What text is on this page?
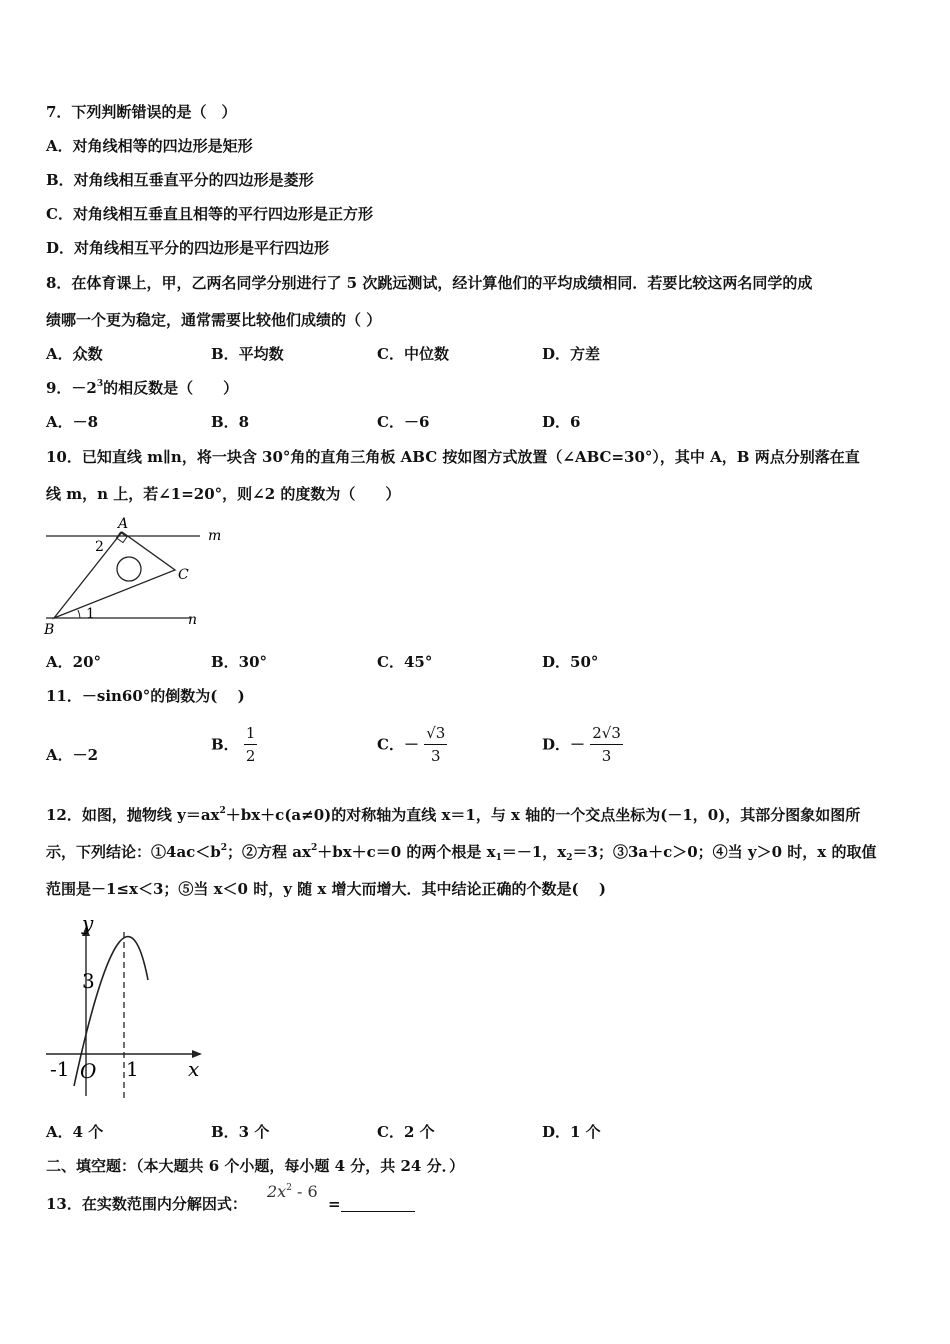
7．下列判断错误的是（　）
A．对角线相等的四边形是矩形
B．对角线相互垂直平分的四边形是菱形
C．对角线相互垂直且相等的平行四边形是正方形
D．对角线相互平分的四边形是平行四边形
8．在体育课上，甲，乙两名同学分别进行了 5 次跳远测试，经计算他们的平均成绩相同．若要比较这两名同学的成
绩哪一个更为稳定，通常需要比较他们成绩的（ ）
A．众数	B．平均数	C．中位数	D．方差
9．$-2^3$的相反数是（　　）
A．－8	B．8	C．－6	D．6
10．已知直线 m∥n，将一块含 30°角的直角三角板 ABC 按如图方式放置（∠ABC=30°），其中 A，B 两点分别落在直
线 m，n 上，若∠1=20°，则∠2 的度数为（　　）
A
2
m
C
1
B
n
A．20°	B．30°	C．45°	D．50°
11．－sin60°的倒数为(　 )
A．－2
B． $\frac{1}{2}$	C．－ $\frac{√3}{3}$	D．－ $\frac{2√3}{3}$
12．如图，抛物线 $y=ax^2+bx+c(a\ne 0)$的对称轴为直线 x＝1，与 x 轴的一个交点坐标为(－1，0)，其部分图象如图所
示，下列结论：$①4ac<b^2$；②方程 $ax^2+bx+c=0$ 的两个根是 $x_1=-1$，$x_2=3$；③3a＋c＞0；④当 y＞0 时，x 的取值
范围是－1≤x＜3；⑤当 x＜0 时，y 随 x 增大而增大．其中结论正确的个数是(　 )
y
3
-1 O 1 x
A．4 个	B．3 个	C．2 个	D．1 个
二、填空题：（本大题共 6 个小题，每小题 4 分，共 24 分．）
13．在实数范围内分解因式：
$2x^2 - 6$
=
